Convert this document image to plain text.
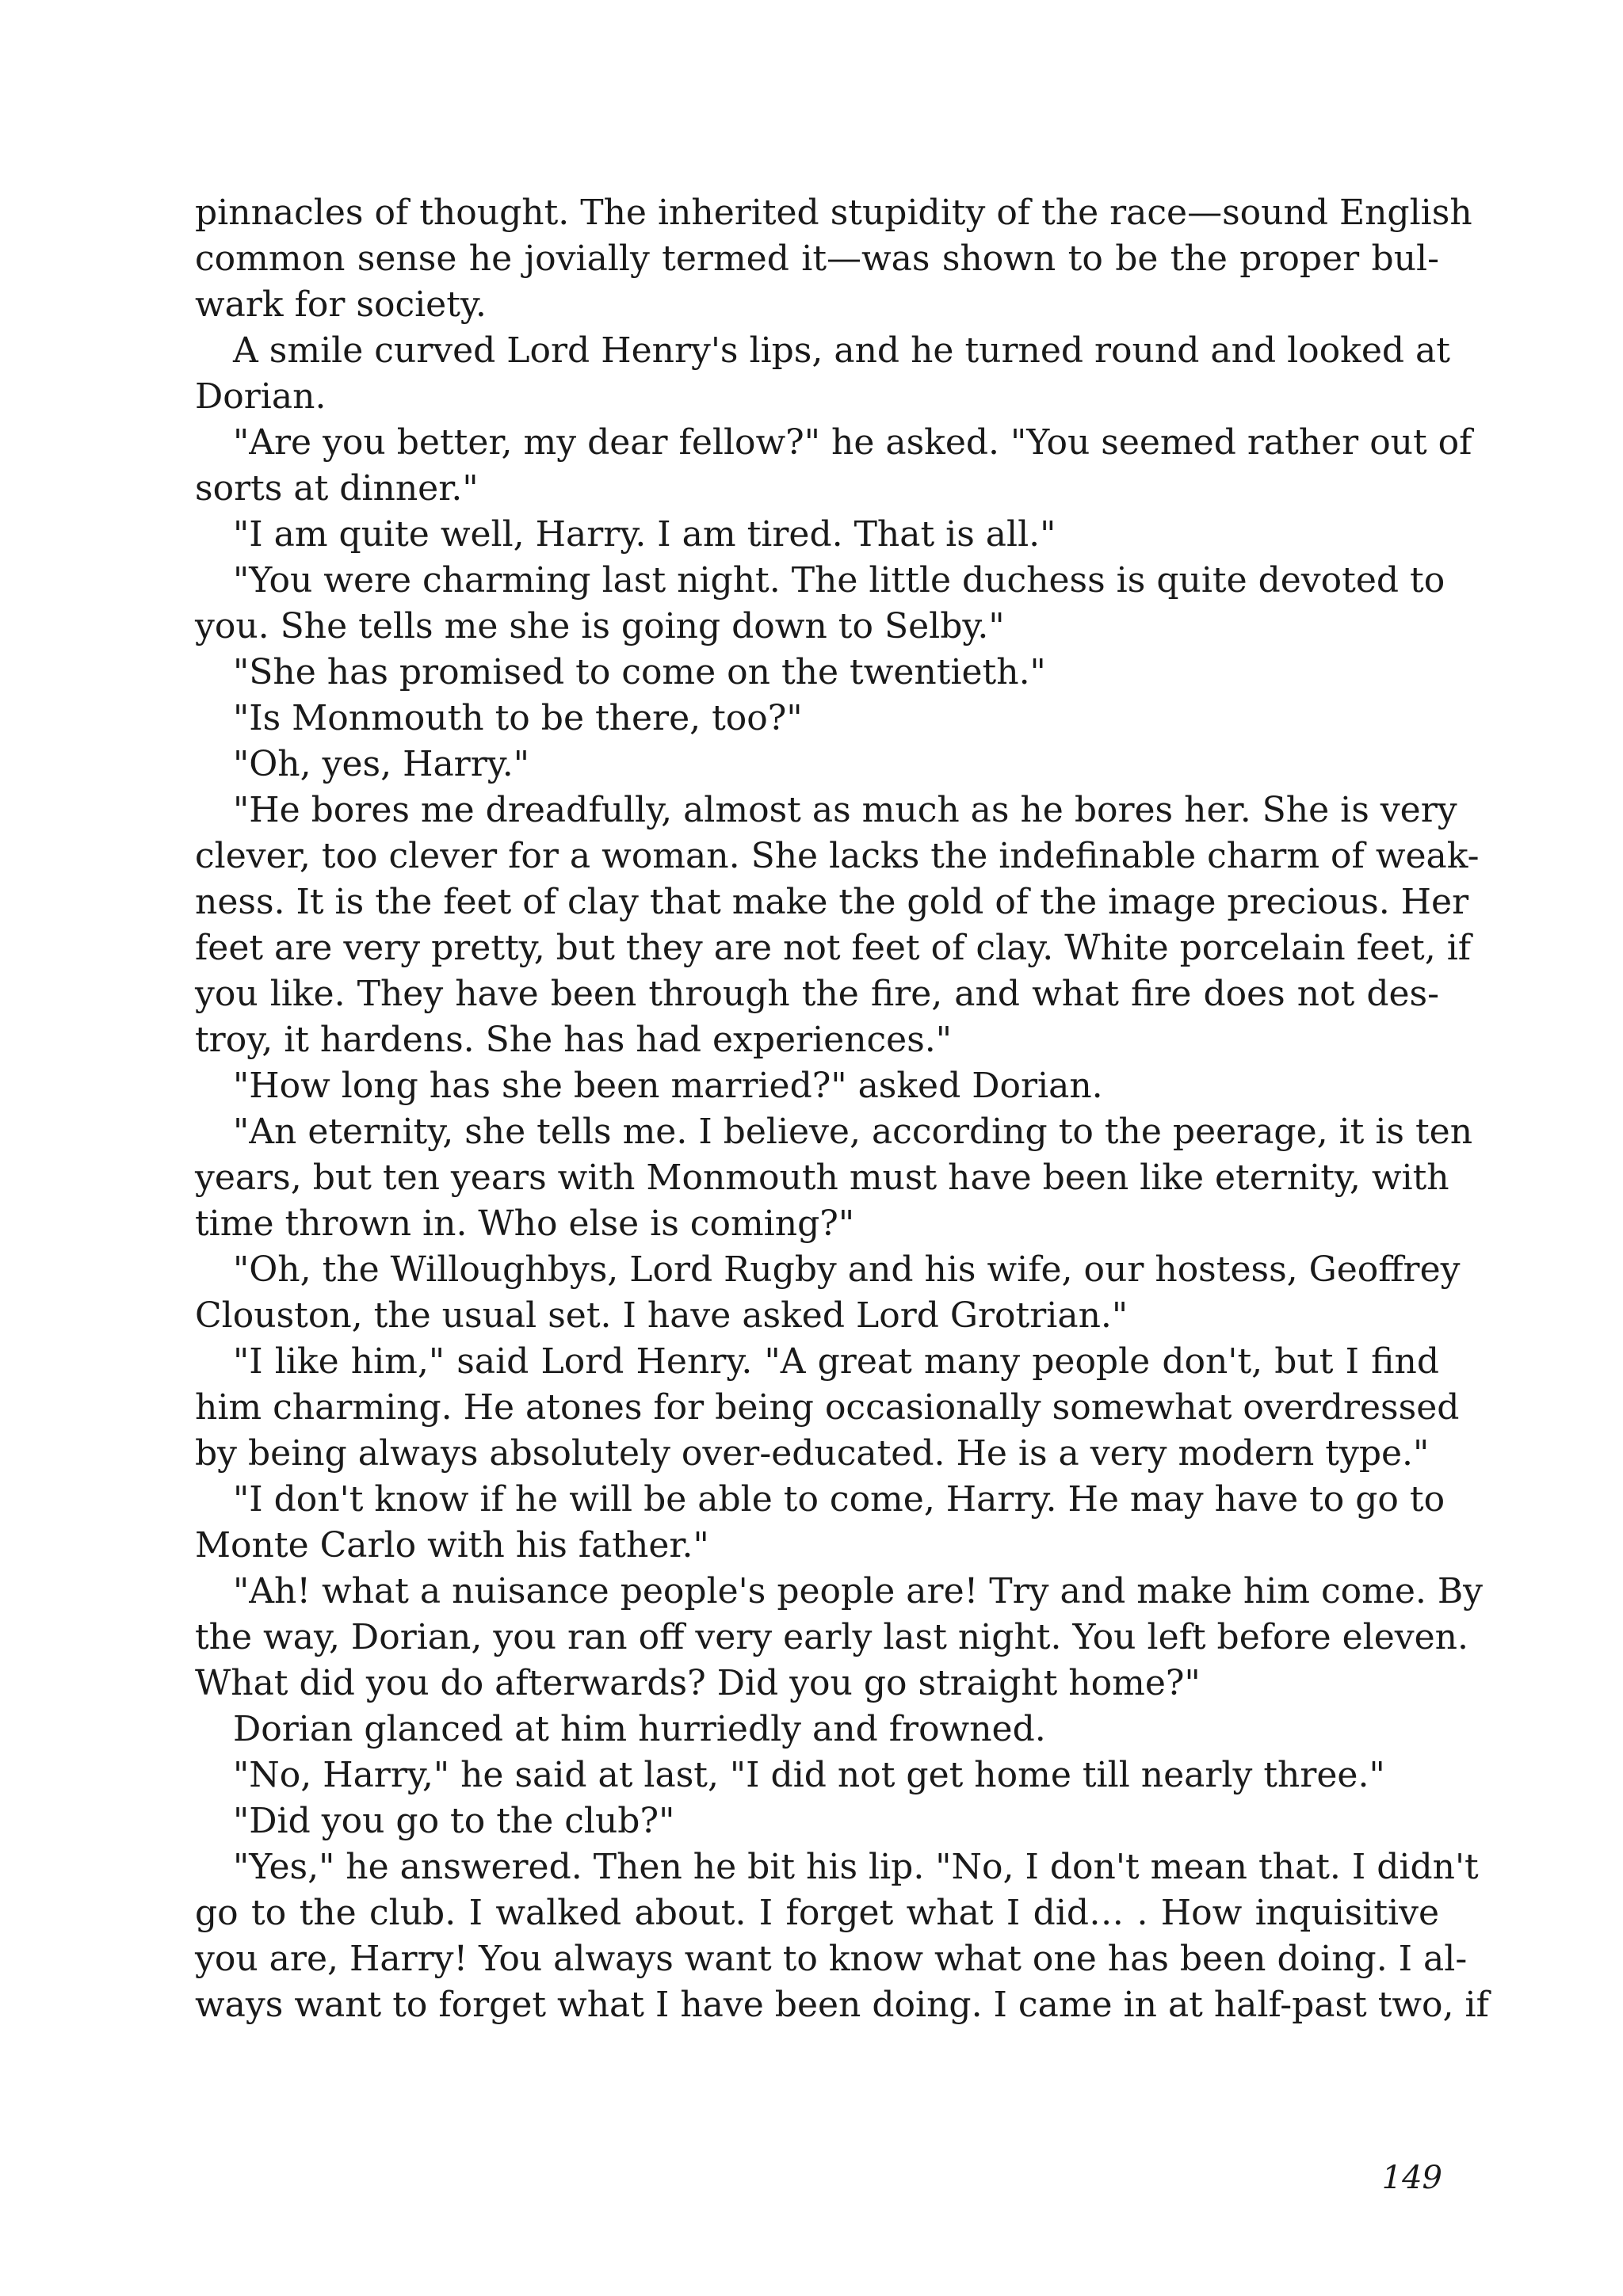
pinnacles of thought. The inherited stupidity of the race—sound English
common sense he jovially termed it—was shown to be the proper bul-
wark for society.
A smile curved Lord Henry's lips, and he turned round and looked at
Dorian.
"Are you better, my dear fellow?" he asked. "You seemed rather out of
sorts at dinner."
"I am quite well, Harry. I am tired. That is all."
"You were charming last night. The little duchess is quite devoted to
you. She tells me she is going down to Selby."
"She has promised to come on the twentieth."
"Is Monmouth to be there, too?"
"Oh, yes, Harry."
"He bores me dreadfully, almost as much as he bores her. She is very
clever, too clever for a woman. She lacks the indefinable charm of weak-
ness. It is the feet of clay that make the gold of the image precious. Her
feet are very pretty, but they are not feet of clay. White porcelain feet, if
you like. They have been through the fire, and what fire does not des-
troy, it hardens. She has had experiences."
"How long has she been married?" asked Dorian.
"An eternity, she tells me. I believe, according to the peerage, it is ten
years, but ten years with Monmouth must have been like eternity, with
time thrown in. Who else is coming?"
"Oh, the Willoughbys, Lord Rugby and his wife, our hostess, Geoffrey
Clouston, the usual set. I have asked Lord Grotrian."
"I like him," said Lord Henry. "A great many people don't, but I find
him charming. He atones for being occasionally somewhat overdressed
by being always absolutely over-educated. He is a very modern type."
"I don't know if he will be able to come, Harry. He may have to go to
Monte Carlo with his father."
"Ah! what a nuisance people's people are! Try and make him come. By
the way, Dorian, you ran off very early last night. You left before eleven.
What did you do afterwards? Did you go straight home?"
Dorian glanced at him hurriedly and frowned.
"No, Harry," he said at last, "I did not get home till nearly three."
"Did you go to the club?"
"Yes," he answered. Then he bit his lip. "No, I don't mean that. I didn't
go to the club. I walked about. I forget what I did… . How inquisitive
you are, Harry! You always want to know what one has been doing. I al-
ways want to forget what I have been doing. I came in at half-past two, if
149
